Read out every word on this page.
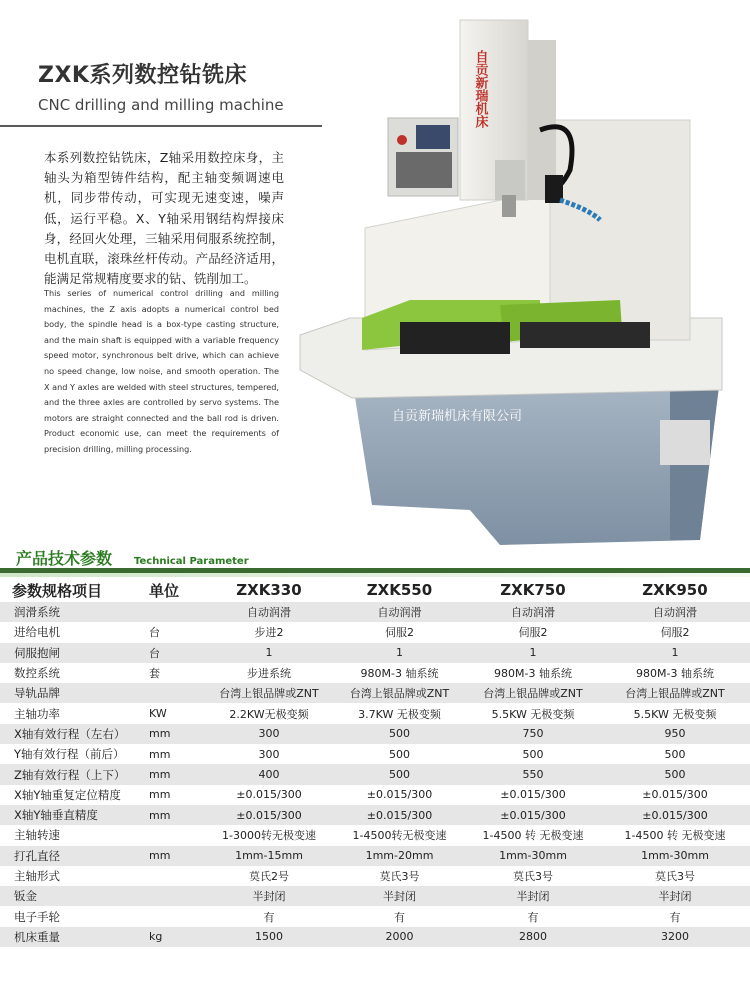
ZXK系列数控钻铣床
CNC drilling and milling machine
本系列数控钻铣床，Z轴采用数控床身，主轴头为箱型铸件结构，配主轴变频调速电机，同步带传动，可实现无速变速，噪声低，运行平稳。X、Y轴采用钢结构焊接床身，经回火处理，三轴采用伺服系统控制，电机直联，滚珠丝杆传动。产品经济适用，能满足常规精度要求的钻、铣削加工。
This series of numerical control drilling and milling machines, the Z axis adopts a numerical control bed body, the spindle head is a box-type casting structure, and the main shaft is equipped with a variable frequency speed motor, synchronous belt drive, which can achieve no speed change, low noise, and smooth operation. The X and Y axles are welded with steel structures, tempered, and the three axles are controlled by servo systems. The motors are straight connected and the ball rod is driven. Product economic use, can meet the requirements of precision drilling, milling processing.
自贡新瑞机床
自贡新瑞机床有限公司
产品技术参数 Technical Parameter
参数规格项目	单位	ZXK330	ZXK550	ZXK750	ZXK950
润滑系统		自动润滑	自动润滑	自动润滑	自动润滑
进给电机	台	步进2	伺服2	伺服2	伺服2
伺服抱闸	台	1	1	1	1
数控系统	套	步进系统	980M-3 轴系统	980M-3 轴系统	980M-3 轴系统
导轨品牌		台湾上银品牌或ZNT	台湾上银品牌或ZNT	台湾上银品牌或ZNT	台湾上银品牌或ZNT
主轴功率	KW	2.2KW无极变频	3.7KW 无极变频	5.5KW 无极变频	5.5KW 无极变频
X轴有效行程（左右）	mm	300	500	750	950
Y轴有效行程（前后）	mm	300	500	500	500
Z轴有效行程（上下）	mm	400	500	550	500
X轴Y轴重复定位精度	mm	±0.015/300	±0.015/300	±0.015/300	±0.015/300
X轴Y轴垂直精度	mm	±0.015/300	±0.015/300	±0.015/300	±0.015/300
主轴转速		1-3000转无极变速	1-4500转无极变速	1-4500 转 无极变速	1-4500 转 无极变速
打孔直径	mm	1mm-15mm	1mm-20mm	1mm-30mm	1mm-30mm
主轴形式		莫氏2号	莫氏3号	莫氏3号	莫氏3号
钣金		半封闭	半封闭	半封闭	半封闭
电子手轮		有	有	有	有
机床重量	kg	1500	2000	2800	3200
